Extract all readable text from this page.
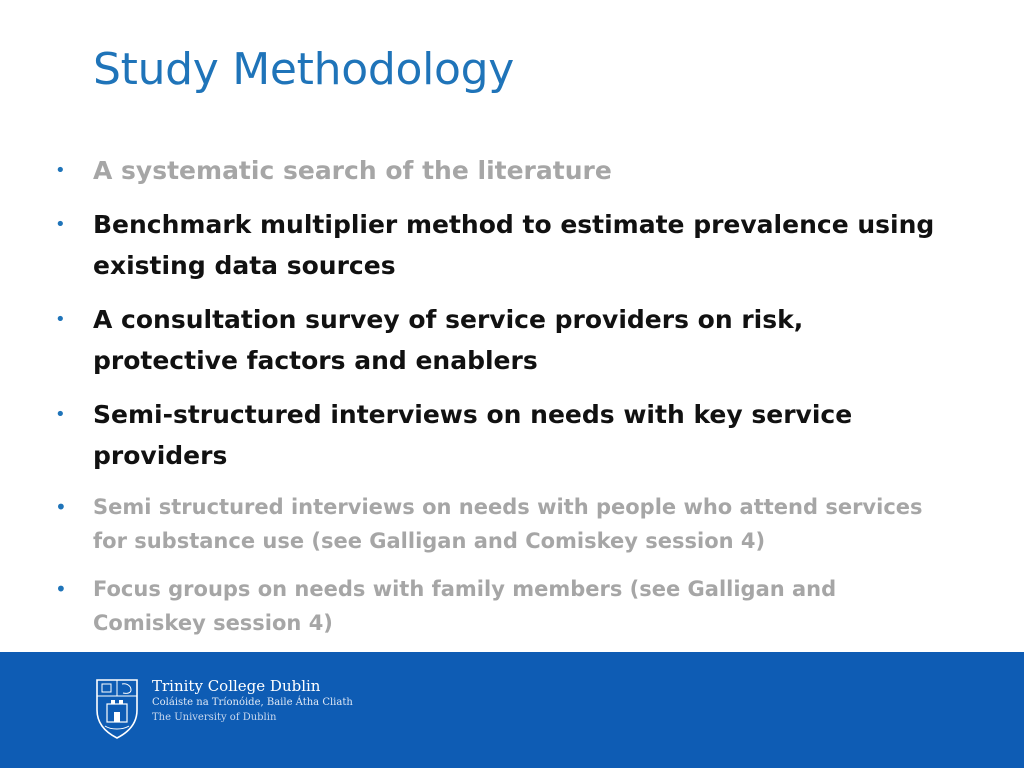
Study Methodology
• A systematic search of the literature
• Benchmark multiplier method to estimate prevalence using existing data sources
• A consultation survey of service providers on risk, protective factors and enablers
• Semi-structured interviews on needs with key service providers
• Semi structured interviews on needs with people who attend services for substance use (see Galligan and Comiskey session 4)
• Focus groups on needs with family members (see Galligan and Comiskey session 4)
Trinity College Dublin
Coláiste na Tríonóide, Baile Átha Cliath
The University of Dublin
